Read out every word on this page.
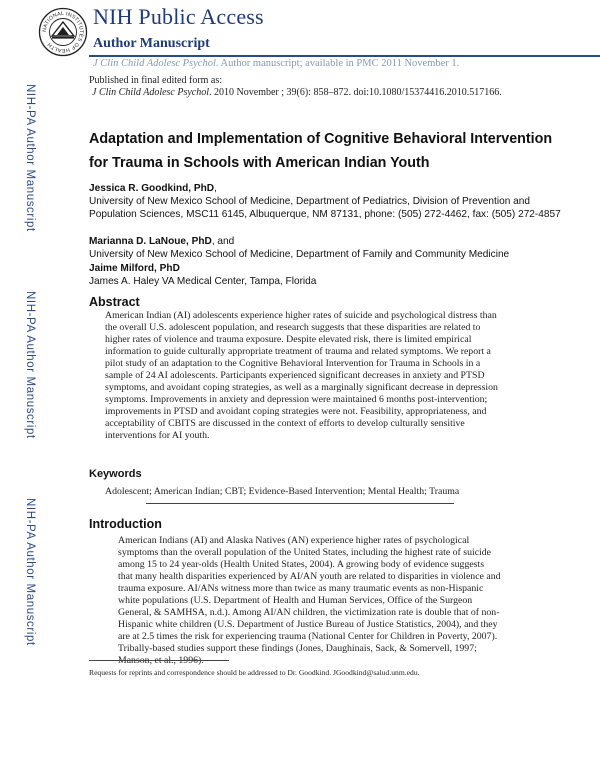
NATIONAL INSTITUTES OF HEALTH
NIH Public Access
Author Manuscript
J Clin Child Adolesc Psychol. Author manuscript; available in PMC 2011 November 1.
Published in final edited form as:
J Clin Child Adolesc Psychol. 2010 November ; 39(6): 858–872. doi:10.1080/15374416.2010.517166.
NIH-PA Author Manuscript
NIH-PA Author Manuscript
NIH-PA Author Manuscript
Adaptation and Implementation of Cognitive Behavioral Intervention for Trauma in Schools with American Indian Youth
Jessica R. Goodkind, PhD,
University of New Mexico School of Medicine, Department of Pediatrics, Division of Prevention and Population Sciences, MSC11 6145, Albuquerque, NM 87131, phone: (505) 272-4462, fax: (505) 272-4857
Marianna D. LaNoue, PhD, and
University of New Mexico School of Medicine, Department of Family and Community Medicine
Jaime Milford, PhD
James A. Haley VA Medical Center, Tampa, Florida
Abstract
American Indian (AI) adolescents experience higher rates of suicide and psychological distress than the overall U.S. adolescent population, and research suggests that these disparities are related to higher rates of violence and trauma exposure. Despite elevated risk, there is limited empirical information to guide culturally appropriate treatment of trauma and related symptoms. We report a pilot study of an adaptation to the Cognitive Behavioral Intervention for Trauma in Schools in a sample of 24 AI adolescents. Participants experienced significant decreases in anxiety and PTSD symptoms, and avoidant coping strategies, as well as a marginally significant decrease in depression symptoms. Improvements in anxiety and depression were maintained 6 months post-intervention; improvements in PTSD and avoidant coping strategies were not. Feasibility, appropriateness, and acceptability of CBITS are discussed in the context of efforts to develop culturally sensitive interventions for AI youth.
Keywords
Adolescent; American Indian; CBT; Evidence-Based Intervention; Mental Health; Trauma
Introduction
American Indians (AI) and Alaska Natives (AN) experience higher rates of psychological symptoms than the overall population of the United States, including the highest rate of suicide among 15 to 24 year-olds (Health United States, 2004). A growing body of evidence suggests that many health disparities experienced by AI/AN youth are related to disparities in violence and trauma exposure. AI/ANs witness more than twice as many traumatic events as non-Hispanic white populations (U.S. Department of Health and Human Services, Office of the Surgeon General, & SAMHSA, n.d.). Among AI/AN children, the victimization rate is double that of non-Hispanic white children (U.S. Department of Justice Bureau of Justice Statistics, 2004), and they are at 2.5 times the risk for experiencing trauma (National Center for Children in Poverty, 2007). Tribally-based studies support these findings (Jones, Daughinais, Sack, & Somervell, 1997;
Requests for reprints and correspondence should be addressed to Dr. Goodkind. JGoodkind@salud.unm.edu.
